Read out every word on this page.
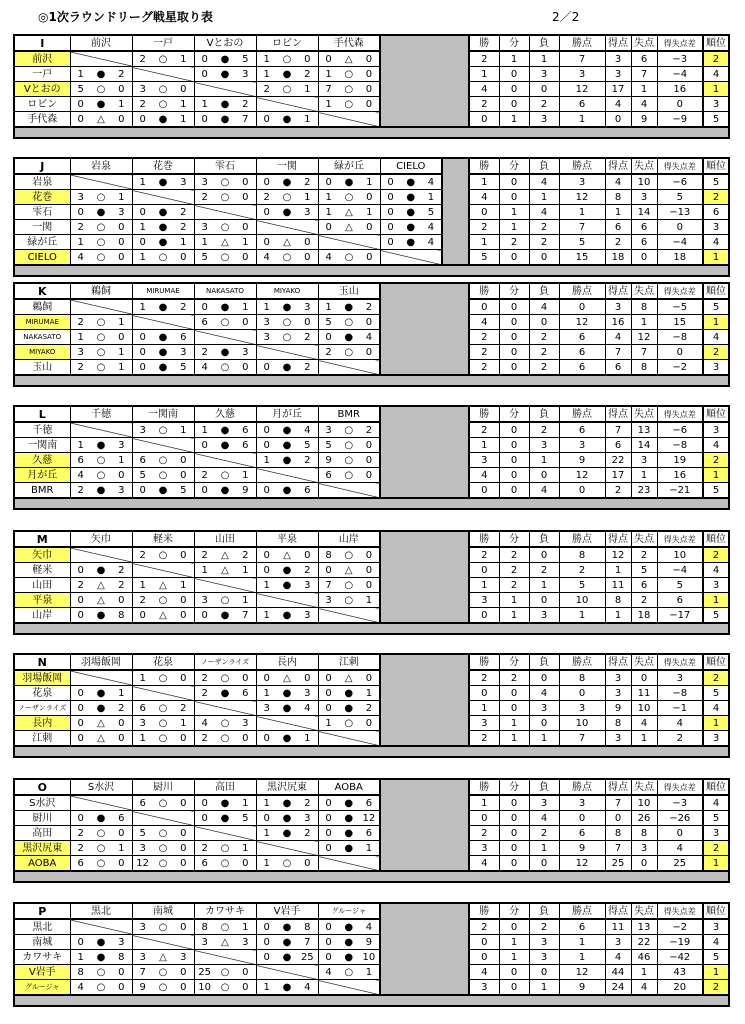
◎1次ラウンドリーグ戦星取り表	2／2
I	前沢	一戸	Vとおの	ロビン	手代森		勝	分	負	勝点	得点	失点	得失点差	順位
前沢		2 ○ 1	0 ● 5	1 ○ 0	0 △ 0		2	1	1	7	3	6	−3	2
一戸	1 ● 2		0 ● 3	1 ● 2	1 ○ 0		1	0	3	3	3	7	−4	4
Vとおの	5 ○ 0	3 ○ 0		2 ○ 1	7 ○ 0		4	0	0	12	17	1	16	1
ロビン	0 ● 1	2 ○ 1	1 ● 2		1 ○ 0		2	0	2	6	4	4	0	3
手代森	0 △ 0	0 ● 1	0 ● 7	0 ● 1			0	1	3	1	0	9	−9	5

J	岩泉	花巻	雫石	一関	緑が丘	CIELO		勝	分	負	勝点	得点	失点	得失点差	順位
岩泉		1 ● 3	3 ○ 0	0 ● 2	0 ● 1	0 ● 4		1	0	4	3	4	10	−6	5
花巻	3 ○ 1		2 ○ 0	2 ○ 1	1 ○ 0	0 ● 1		4	0	1	12	8	3	5	2
雫石	0 ● 3	0 ● 2		0 ● 3	1 △ 1	0 ● 5		0	1	4	1	1	14	−13	6
一関	2 ○ 0	1 ● 2	3 ○ 0		0 △ 0	0 ● 4		2	1	2	7	6	6	0	3
緑が丘	1 ○ 0	0 ● 1	1 △ 1	0 △ 0		0 ● 4		1	2	2	5	2	6	−4	4
CIELO	4 ○ 0	1 ○ 0	5 ○ 0	4 ○ 0	4 ○ 0			5	0	0	15	18	0	18	1

K	鵜飼	MIRUMAE	NAKASATO	MIYAKO	玉山		勝	分	負	勝点	得点	失点	得失点差	順位
鵜飼		1 ● 2	0 ● 1	1 ● 3	1 ● 2		0	0	4	0	3	8	−5	5
MIRUMAE	2 ○ 1		6 ○ 0	3 ○ 0	5 ○ 0		4	0	0	12	16	1	15	1
NAKASATO	1 ○ 0	0 ● 6		3 ○ 2	0 ● 4		2	0	2	6	4	12	−8	4
MIYAKO	3 ○ 1	0 ● 3	2 ● 3		2 ○ 0		2	0	2	6	7	7	0	2
玉山	2 ○ 1	0 ● 5	4 ○ 0	0 ● 2			2	0	2	6	6	8	−2	3

L	千徳	一関南	久慈	月が丘	BMR		勝	分	負	勝点	得点	失点	得失点差	順位
千徳		3 ○ 1	1 ● 6	0 ● 4	3 ○ 2		2	0	2	6	7	13	−6	3
一関南	1 ● 3		0 ● 6	0 ● 5	5 ○ 0		1	0	3	3	6	14	−8	4
久慈	6 ○ 1	6 ○ 0		1 ● 2	9 ○ 0		3	0	1	9	22	3	19	2
月が丘	4 ○ 0	5 ○ 0	2 ○ 1		6 ○ 0		4	0	0	12	17	1	16	1
BMR	2 ● 3	0 ● 5	0 ● 9	0 ● 6			0	0	4	0	2	23	−21	5

M	矢巾	軽米	山田	平泉	山岸		勝	分	負	勝点	得点	失点	得失点差	順位
矢巾		2 ○ 0	2 △ 2	0 △ 0	8 ○ 0		2	2	0	8	12	2	10	2
軽米	0 ● 2		1 △ 1	0 ● 2	0 △ 0		0	2	2	2	1	5	−4	4
山田	2 △ 2	1 △ 1		1 ● 3	7 ○ 0		1	2	1	5	11	6	5	3
平泉	0 △ 0	2 ○ 0	3 ○ 1		3 ○ 1		3	1	0	10	8	2	6	1
山岸	0 ● 8	0 △ 0	0 ● 7	1 ● 3			0	1	3	1	1	18	−17	5

N	羽場飯岡	花泉	ノーザンライズ	長内	江刺		勝	分	負	勝点	得点	失点	得失点差	順位
羽場飯岡		1 ○ 0	2 ○ 0	0 △ 0	0 △ 0		2	2	0	8	3	0	3	2
花泉	0 ● 1		2 ● 6	1 ● 3	0 ● 1		0	0	4	0	3	11	−8	5
ノーザンライズ	0 ● 2	6 ○ 2		3 ● 4	0 ● 2		1	0	3	3	9	10	−1	4
長内	0 △ 0	3 ○ 1	4 ○ 3		1 ○ 0		3	1	0	10	8	4	4	1
江刺	0 △ 0	1 ○ 0	2 ○ 0	0 ● 1			2	1	1	7	3	1	2	3

O	S水沢	厨川	高田	黒沢尻東	AOBA		勝	分	負	勝点	得点	失点	得失点差	順位
S水沢		6 ○ 0	0 ● 1	1 ● 2	0 ● 6		1	0	3	3	7	10	−3	4
厨川	0 ● 6		0 ● 5	0 ● 3	0 ● 12		0	0	4	0	0	26	−26	5
高田	2 ○ 0	5 ○ 0		1 ● 2	0 ● 6		2	0	2	6	8	8	0	3
黒沢尻東	2 ○ 1	3 ○ 0	2 ○ 1		0 ● 1		3	0	1	9	7	3	4	2
AOBA	6 ○ 0	12 ○ 0	6 ○ 0	1 ○ 0			4	0	0	12	25	0	25	1

P	黒北	南城	カワサキ	V岩手	グルージャ		勝	分	負	勝点	得点	失点	得失点差	順位
黒北		3 ○ 0	8 ○ 1	0 ● 8	0 ● 4		2	0	2	6	11	13	−2	3
南城	0 ● 3		3 △ 3	0 ● 7	0 ● 9		0	1	3	1	3	22	−19	4
カワサキ	1 ● 8	3 △ 3		0 ● 25	0 ● 10		0	1	3	1	4	46	−42	5
V岩手	8 ○ 0	7 ○ 0	25 ○ 0		4 ○ 1		4	0	0	12	44	1	43	1
グルージャ	4 ○ 0	9 ○ 0	10 ○ 0	1 ● 4			3	0	1	9	24	4	20	2
